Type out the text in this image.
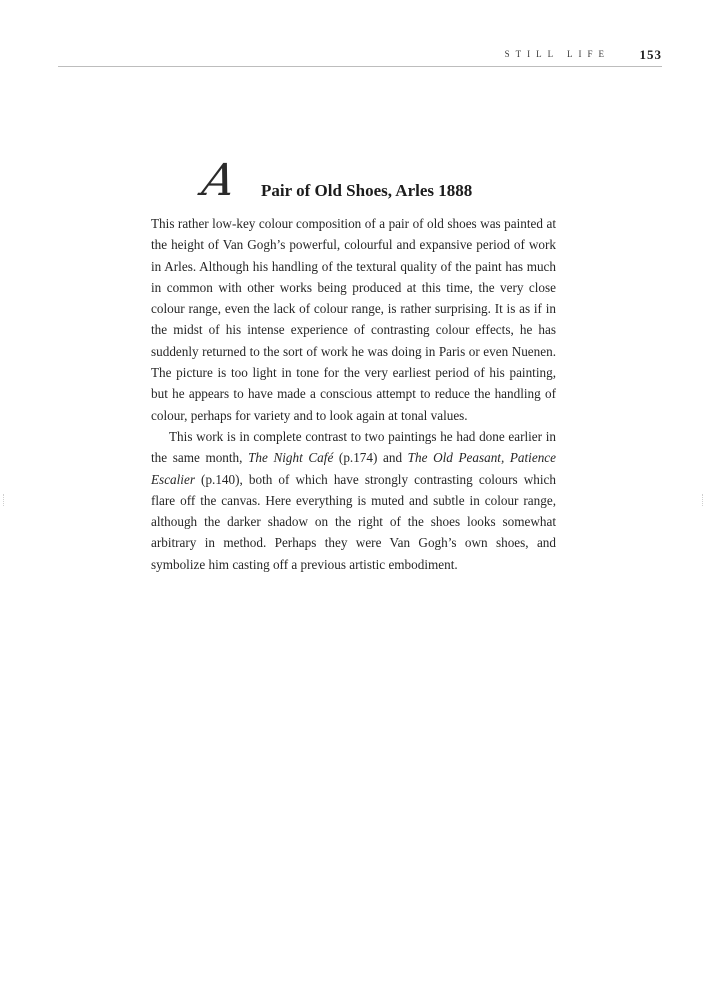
STILL LIFE 153
A Pair of Old Shoes, Arles 1888

This rather low-key colour composition of a pair of old shoes was painted at the height of Van Gogh’s powerful, colourful and expansive period of work in Arles. Although his handling of the textural quality of the paint has much in common with other works being produced at this time, the very close colour range, even the lack of colour range, is rather surprising. It is as if in the midst of his intense experience of contrasting colour effects, he has suddenly returned to the sort of work he was doing in Paris or even Nuenen. The picture is too light in tone for the very earliest period of his painting, but he appears to have made a conscious attempt to reduce the handling of colour, perhaps for variety and to look again at tonal values.

This work is in complete contrast to two paintings he had done earlier in the same month, The Night Café (p.174) and The Old Peasant, Patience Escalier (p.140), both of which have strongly contrasting colours which flare off the canvas. Here everything is muted and subtle in colour range, although the darker shadow on the right of the shoes looks somewhat arbitrary in method. Perhaps they were Van Gogh’s own shoes, and symbolize him casting off a previous artistic embodiment.
